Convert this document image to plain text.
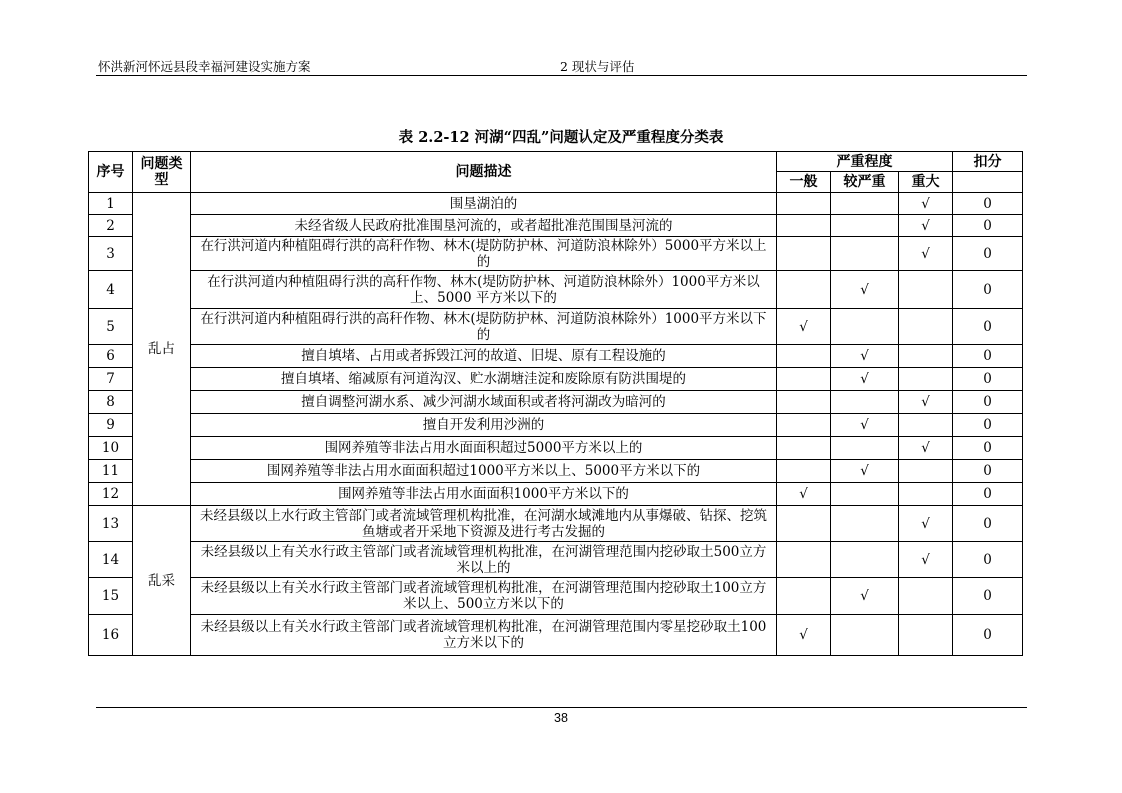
怀洪新河怀远县段幸福河建设实施方案	2 现状与评估
表 2.2-12 河湖“四乱”问题认定及严重程度分类表
序号	问题类型	问题描述	严重程度			扣分
			一般	较严重	重大	
1	乱占	围垦湖泊的			√	0
2		未经省级人民政府批准围垦河流的，或者超批准范围围垦河流的			√	0
3		在行洪河道内种植阻碍行洪的高秆作物、林木(堤防防护林、河道防浪林除外）5000平方米以上的			√	0
4		在行洪河道内种植阻碍行洪的高秆作物、林木(堤防防护林、河道防浪林除外）1000平方米以上、5000 平方米以下的		√		0
5		在行洪河道内种植阻碍行洪的高秆作物、林木(堤防防护林、河道防浪林除外）1000平方米以下的	√			0
6		擅自填堵、占用或者拆毁江河的故道、旧堤、原有工程设施的		√		0
7		擅自填堵、缩减原有河道沟汊、贮水湖塘洼淀和废除原有防洪围堤的		√		0
8		擅自调整河湖水系、减少河湖水域面积或者将河湖改为暗河的			√	0
9		擅自开发利用沙洲的		√		0
10		围网养殖等非法占用水面面积超过5000平方米以上的			√	0
11		围网养殖等非法占用水面面积超过1000平方米以上、5000平方米以下的		√		0
12		围网养殖等非法占用水面面积1000平方米以下的	√			0
13	乱采	未经县级以上水行政主管部门或者流域管理机构批准，在河湖水域滩地内从事爆破、钻探、挖筑鱼塘或者开采地下资源及进行考古发掘的			√	0
14		未经县级以上有关水行政主管部门或者流域管理机构批准，在河湖管理范围内挖砂取土500立方米以上的			√	0
15		未经县级以上有关水行政主管部门或者流域管理机构批准，在河湖管理范围内挖砂取土100立方米以上、500立方米以下的		√		0
16		未经县级以上有关水行政主管部门或者流域管理机构批准，在河湖管理范围内零星挖砂取土100立方米以下的	√			0
38
